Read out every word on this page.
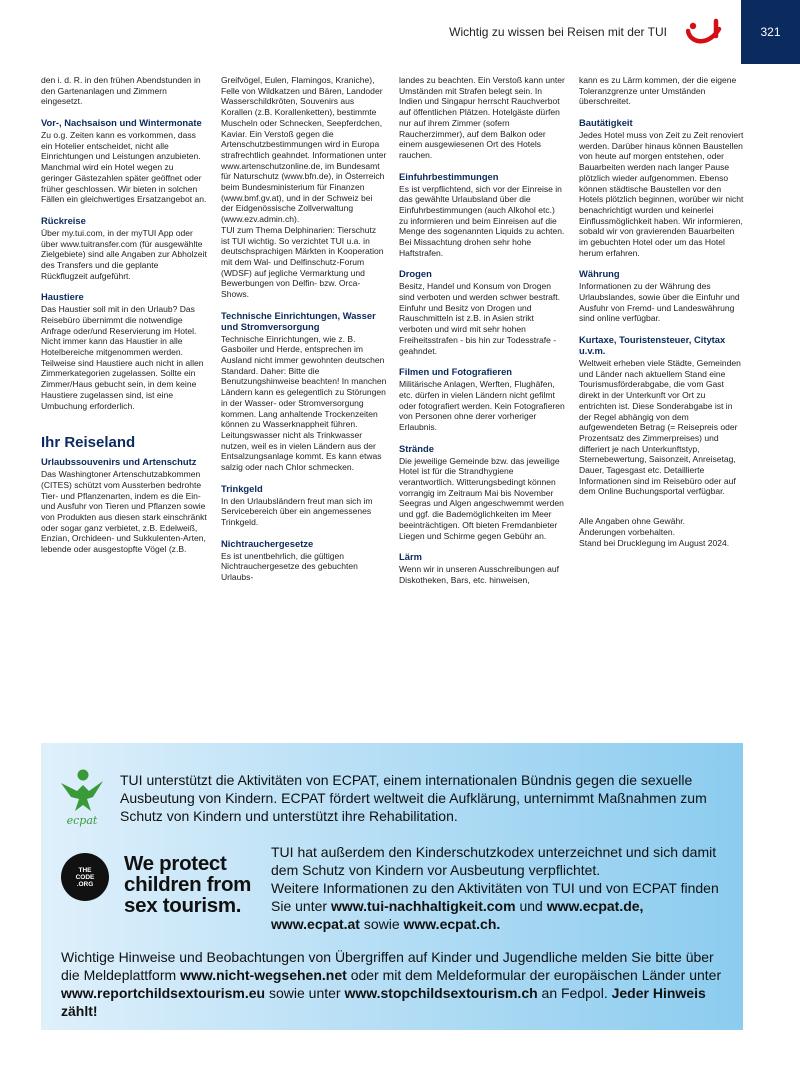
Wichtig zu wissen bei Reisen mit der TUI	321

den i. d. R. in den frühen Abendstunden in den Gartenanlagen und Zimmern eingesetzt.

Vor-, Nachsaison und Wintermonate

Zu o.g. Zeiten kann es vorkommen, dass ein Hotelier entscheidet, nicht alle Einrichtungen und Leistungen anzubieten. Manchmal wird ein Hotel wegen zu geringer Gästezahlen später geöffnet oder früher geschlossen. Wir bieten in solchen Fällen ein gleichwertiges Ersatzangebot an.

Rückreise

Über my.tui.com, in der myTUI App oder über www.tuitransfer.com (für ausgewählte Zielgebiete) sind alle Angaben zur Abholzeit des Transfers und die geplante Rückflugzeit aufgeführt.

Haustiere

Das Haustier soll mit in den Urlaub? Das Reisebüro übernimmt die notwendige Anfrage oder/und Reservierung im Hotel. Nicht immer kann das Haustier in alle Hotelbereiche mitgenommen werden. Teilweise sind Haustiere auch nicht in allen Zimmerkategorien zugelassen. Sollte ein Zimmer/Haus gebucht sein, in dem keine Haustiere zugelassen sind, ist eine Umbuchung erforderlich.

Ihr Reiseland
Urlaubssouvenirs und Artenschutz

Das Washingtoner Artenschutzabkommen (CITES) schützt vom Aussterben bedrohte Tier- und Pflanzenarten, indem es die Ein- und Ausfuhr von Tieren und Pflanzen sowie von Produkten aus diesen stark einschränkt oder sogar ganz verbietet, z.B. Edelweiß, Enzian, Orchideen- und Sukkulenten-Arten, lebende oder ausgestopfte Vögel (z.B.

Greifvögel, Eulen, Flamingos, Kraniche), Felle von Wildkatzen und Bären, Landoder Wasserschildkröten, Souvenirs aus Korallen (z.B. Korallenketten), bestimmte Muscheln oder Schnecken, Seepferdchen, Kaviar. Ein Verstoß gegen die Artenschutzbestimmungen wird in Europa strafrechtlich geahndet. Informationen unter www.artenschutzonline.de, im Bundesamt für Naturschutz (www.bfn.de), in Österreich beim Bundesministerium für Finanzen (www.bmf.gv.at), und in der Schweiz bei der Eidgenössische Zollverwaltung (www.ezv.admin.ch).

TUI zum Thema Delphinarien: Tierschutz ist TUI wichtig. So verzichtet TUI u.a. in deutschsprachigen Märkten in Kooperation mit dem Wal- und Delfinschutz-Forum (WDSF) auf jegliche Vermarktung und Bewerbungen von Delfin- bzw. Orca-Shows.

Technische Einrichtungen, Wasser und Stromversorgung

Technische Einrichtungen, wie z. B. Gasboiler und Herde, entsprechen im Ausland nicht immer gewohnten deutschen Standard. Daher: Bitte die Benutzungshinweise beachten! In manchen Ländern kann es gelegentlich zu Störungen in der Wasser- oder Stromversorgung kommen. Lang anhaltende Trockenzeiten können zu Wasserknappheit führen. Leitungswasser nicht als Trinkwasser nutzen, weil es in vielen Ländern aus der Entsalzungsanlage kommt. Es kann etwas salzig oder nach Chlor schmecken.

Trinkgeld

In den Urlaubsländern freut man sich im Servicebereich über ein angemessenes Trinkgeld.

Nichtrauchergesetze

Es ist unentbehrlich, die gültigen Nichtrauchergesetze des gebuchten Urlaubs-

landes zu beachten. Ein Verstoß kann unter Umständen mit Strafen belegt sein. In Indien und Singapur herrscht Rauchverbot auf öffentlichen Plätzen. Hotelgäste dürfen nur auf ihrem Zimmer (sofern Raucherzimmer), auf dem Balkon oder einem ausgewiesenen Ort des Hotels rauchen.

Einfuhrbestimmungen

Es ist verpflichtend, sich vor der Einreise in das gewählte Urlaubsland über die Einfuhrbestimmungen (auch Alkohol etc.) zu informieren und beim Einreisen auf die Menge des sogenannten Liquids zu achten. Bei Missachtung drohen sehr hohe Haftstrafen.

Drogen

Besitz, Handel und Konsum von Drogen sind verboten und werden schwer bestraft. Einfuhr und Besitz von Drogen und Rauschmitteln ist z.B. in Asien strikt verboten und wird mit sehr hohen Freiheitsstrafen - bis hin zur Todesstrafe - geahndet.

Filmen und Fotografieren

Militärische Anlagen, Werften, Flughäfen, etc. dürfen in vielen Ländern nicht gefilmt oder fotografiert werden. Kein Fotografieren von Personen ohne derer vorheriger Erlaubnis.

Strände

Die jeweilige Gemeinde bzw. das jeweilige Hotel ist für die Strandhygiene verantwortlich. Witterungsbedingt können vorrangig im Zeitraum Mai bis November Seegras und Algen angeschwemmt werden und ggf. die Bademöglichkeiten im Meer beeinträchtigen. Oft bieten Fremdanbieter Liegen und Schirme gegen Gebühr an.

Lärm

Wenn wir in unseren Ausschreibungen auf Diskotheken, Bars, etc. hinweisen,

kann es zu Lärm kommen, der die eigene Toleranzgrenze unter Umständen überschreitet.

Bautätigkeit

Jedes Hotel muss von Zeit zu Zeit renoviert werden. Darüber hinaus können Baustellen von heute auf morgen entstehen, oder Bauarbeiten werden nach langer Pause plötzlich wieder aufgenommen. Ebenso können städtische Baustellen vor den Hotels plötzlich beginnen, worüber wir nicht benachrichtigt wurden und keinerlei Einflussmöglichkeit haben. Wir informieren, sobald wir von gravierenden Bauarbeiten im gebuchten Hotel oder um das Hotel herum erfahren.

Währung

Informationen zu der Währung des Urlaubslandes, sowie über die Einfuhr und Ausfuhr von Fremd- und Landeswährung sind online verfügbar.

Kurtaxe, Touristensteuer, Citytax u.v.m.

Weltweit erheben viele Städte, Gemeinden und Länder nach aktuellem Stand eine Tourismusförderabgabe, die vom Gast direkt in der Unterkunft vor Ort zu entrichten ist. Diese Sonderabgabe ist in der Regel abhängig von dem aufgewendeten Betrag (= Reisepreis oder Prozentsatz des Zimmerpreises) und differiert je nach Unterkunftstyp, Sternebewertung, Saisonzeit, Anreisetag, Dauer, Tagesgast etc. Detaillierte Informationen sind im Reisebüro oder auf dem Online Buchungsportal verfügbar.

Alle Angaben ohne Gewähr.

Änderungen vorbehalten.

Stand bei Drucklegung im August 2024.

ecpat

TUI unterstützt die Aktivitäten von ECPAT, einem internationalen Bündnis gegen die sexuelle Ausbeutung von Kindern. ECPAT fördert weltweit die Aufklärung, unternimmt Maßnahmen zum Schutz von Kindern und unterstützt ihre Rehabilitation.

THE
CODE
.ORG
We protect
children from
sex tourism.
TUI hat außerdem den Kinderschutzkodex unterzeichnet und sich damit dem Schutz von Kindern vor Ausbeutung verpflichtet.
Weitere Informationen zu den Aktivitäten von TUI und von ECPAT finden Sie unter www.tui-nachhaltigkeit.com und www.ecpat.de, www.ecpat.at sowie www.ecpat.ch.
Wichtige Hinweise und Beobachtungen von Übergriffen auf Kinder und Jugendliche melden Sie bitte über die Meldeplattform www.nicht-wegsehen.net oder mit dem Meldeformular der europäischen Länder unter www.reportchildsextourism.eu sowie unter www.stopchildsextourism.ch an Fedpol. Jeder Hinweis zählt!
